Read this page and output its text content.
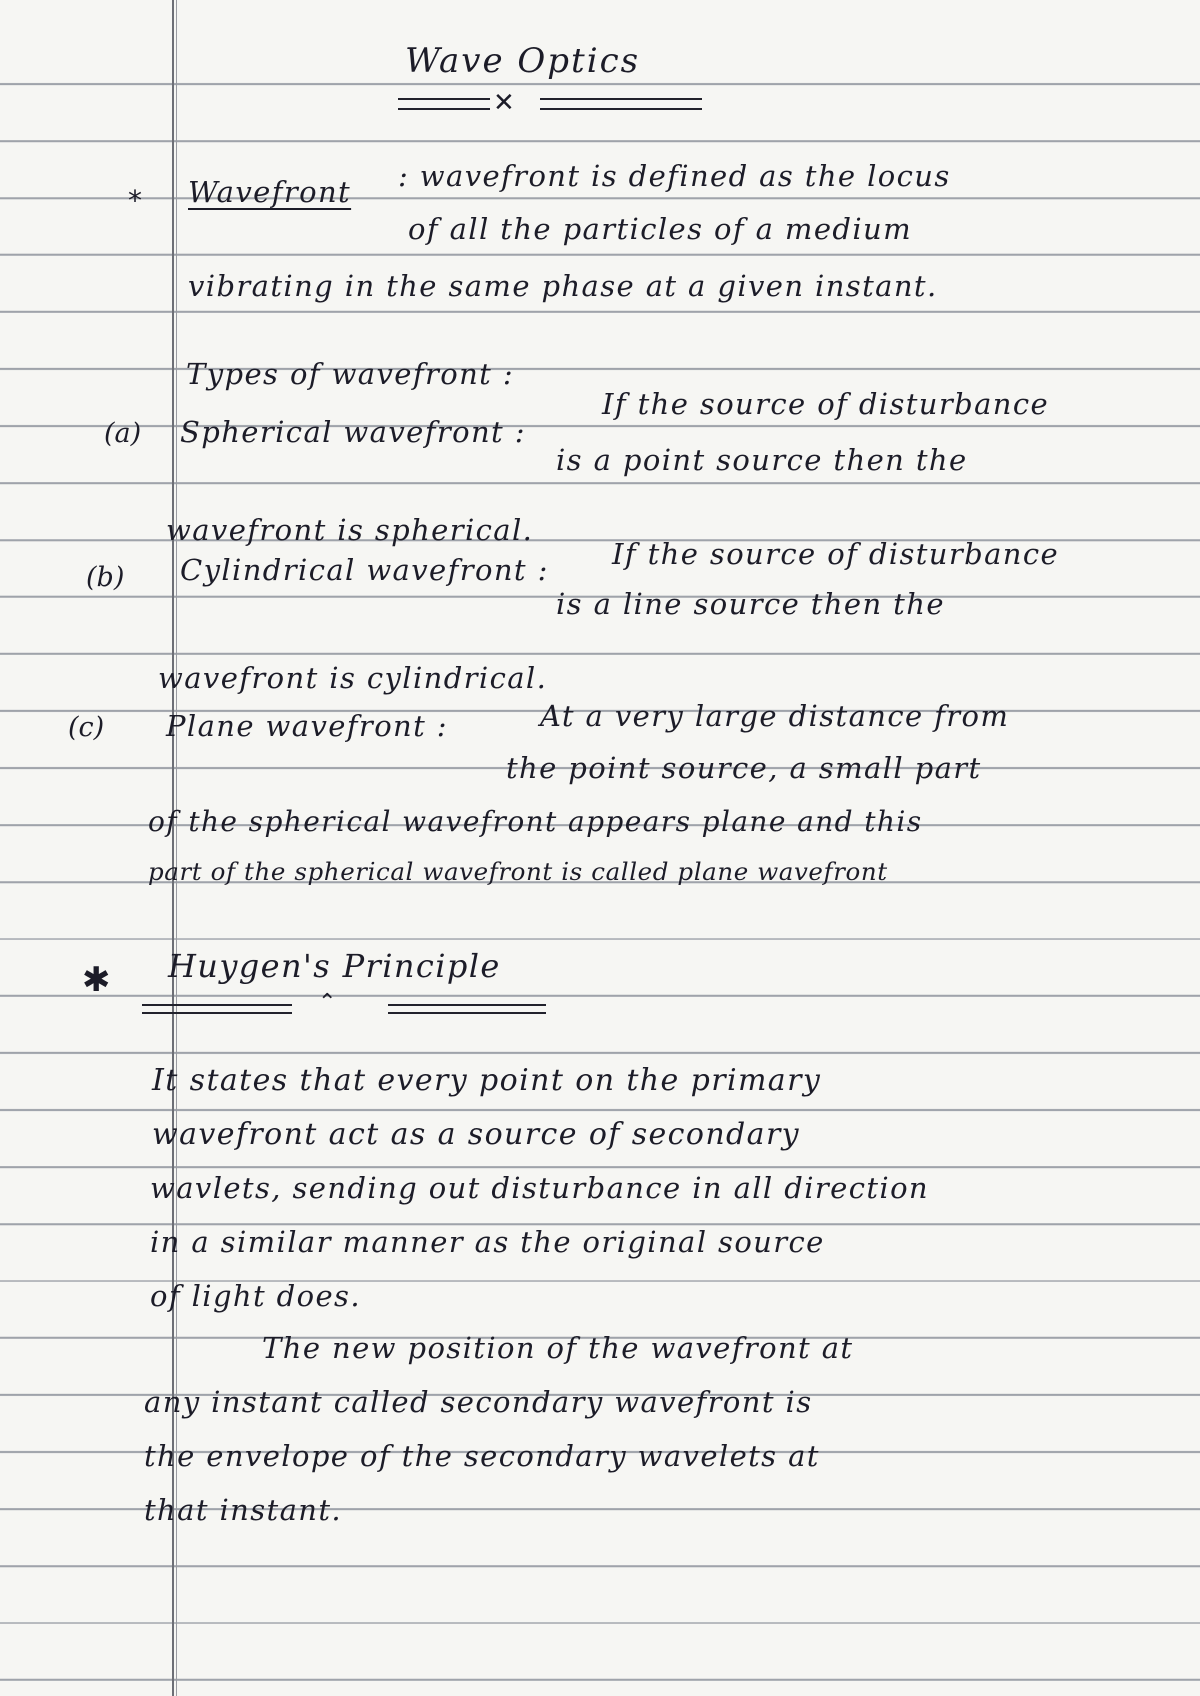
Wave Optics
✕
* Wavefront : wavefront is defined as the locus
of all the particles of a medium
vibrating in the same phase at a given instant.
Types of wavefront :
(a) Spherical wavefront :
If the source of disturbance
is a point source then the
wavefront is spherical.
(b) Cylindrical wavefront : If the source of disturbance
is a line source then the
wavefront is cylindrical.
(c) Plane wavefront :	At a very large distance from
the point source, a small part
of the spherical wavefront appears plane and this
part of the spherical wavefront is called plane wavefront
✱ Huygen's Principle
⌃
It states that every point on the primary
wavefront act as a source of secondary
wavlets, sending out disturbance in all direction
in a similar manner as the original source
of light does.
The new position of the wavefront at
any instant called secondary wavefront is
the envelope of the secondary wavelets at
that instant.
